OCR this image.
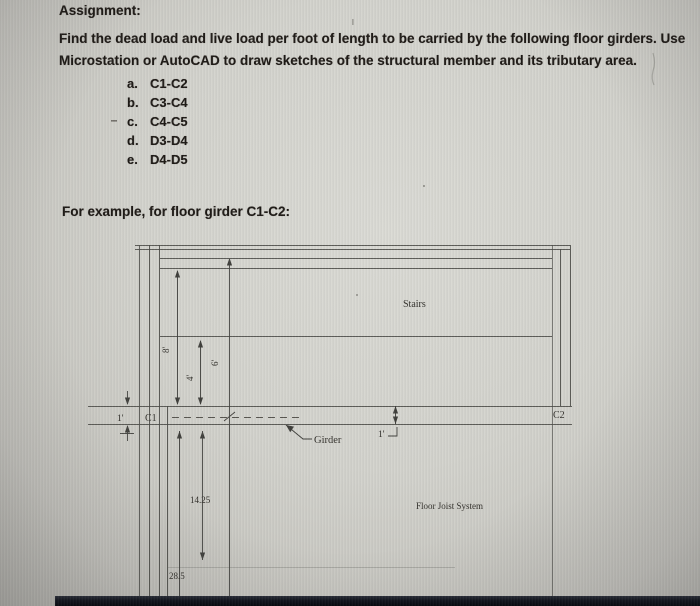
Assignment:
Find the dead load and live load per foot of length to be carried by the following floor girders. Use
Microstation or AutoCAD to draw sketches of the structural member and its tributary area.
a. C1-C2
b. C3-C4
c. C4-C5
d. D3-D4
e. D4-D5
For example, for floor girder C1-C2:
Stairs
Girder
Floor Joist System
C1	C2
1'
1'
8'
4'
6'
14.25
28.5
